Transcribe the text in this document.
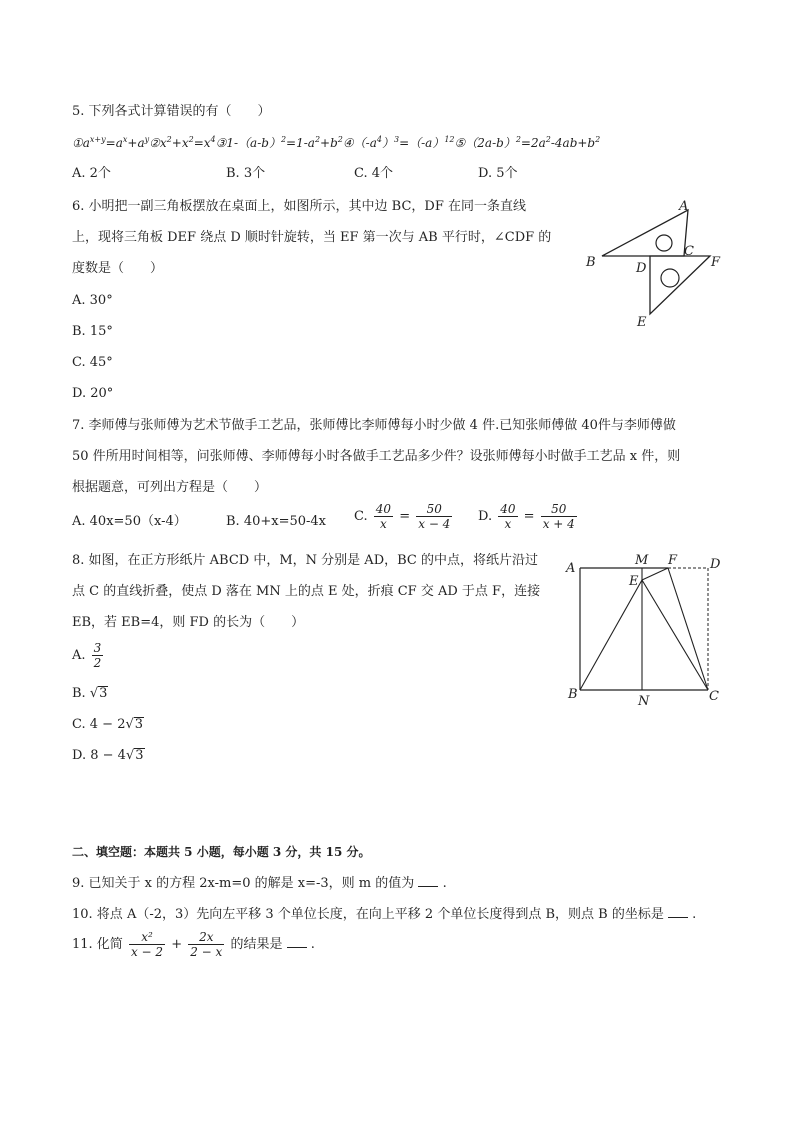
5. 下列各式计算错误的有（　　）
$①a^{x+y}=a^x+a^y②x^2+x^2=x^4③1-(a-b)^2=1-a^2+b^2④(-a^4)^3=(-a)^{12}⑤(2a-b)^2=2a^2-4ab+b^2$
A. 2个	B. 3个	C. 4个	D. 5个
6. 小明把一副三角板摆放在桌面上，如图所示，其中边 BC，DF 在同一条直线
上，现将三角板 DEF 绕点 D 顺时针旋转，当 EF 第一次与 AB 平行时，∠CDF 的
度数是（　　）
A. 30°
B. 15°
C. 45°
D. 20°
A
B
C
D
E
F
7. 李师傅与张师傅为艺术节做手工艺品，张师傅比李师傅每小时少做 4 件.已知张师傅做 40件与李师傅做
50 件所用时间相等，问张师傅、李师傅每小时各做手工艺品多少件？设张师傅每小时做手工艺品 x 件，则
根据题意，可列出方程是（　　）
A. 40x=50（x-4）	B. 40+x=50-4x C. $\frac{40}{x} = \frac{50}{x - 4} D$. $\frac{40}{x} = \frac{50}{x + 4}$
8. 如图，在正方形纸片 ABCD 中，M，N 分别是 AD，BC 的中点，将纸片沿过
点 C 的直线折叠，使点 D 落在 MN 上的点 E 处，折痕 CF 交 AD 于点 F，连接
EB，若 EB=4，则 FD 的长为（　　）
A. $\frac{3}{2}$
B. √3
C. 4 − 2√3
D. 8 − 4√3
A
M F	D
E
B	N	C
二、填空题：本题共 5 小题，每小题 3 分，共 15 分。
9. 已知关于 x 的方程 2x-m=0 的解是 x=-3，则 m 的值为 .
10. 将点 A（-2，3）先向左平移 3 个单位长度，在向上平移 2 个单位长度得到点 B，则点 B 的坐标是 .
11. 化简 $\frac{\text{x²}}{x - 2} + \frac{2x}{2 - x}$ 的结果是 .
